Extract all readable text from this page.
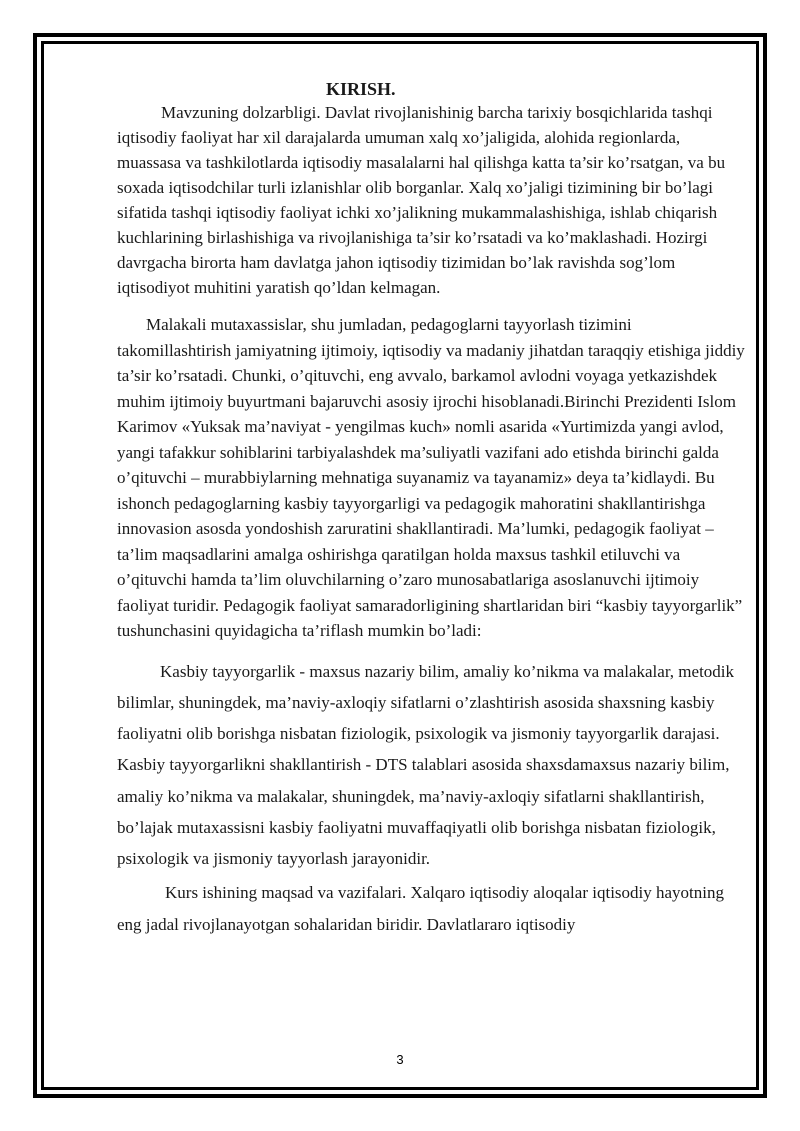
KIRISH.

Mavzuning dolzarbligi. Davlat rivojlanishinig barcha tarixiy bosqichlarida tashqi iqtisodiy faoliyat har xil darajalarda umuman xalq xo’jaligida, alohida regionlarda, muassasa va tashkilotlarda iqtisodiy masalalarni hal qilishga katta ta’sir ko’rsatgan, va bu soxada iqtisodchilar turli izlanishlar olib borganlar. Xalq xo’jaligi tizimining bir bo’lagi sifatida tashqi iqtisodiy faoliyat ichki xo’jalikning mukammalashishiga, ishlab chiqarish kuchlarining birlashishiga va rivojlanishiga ta’sir ko’rsatadi va ko’maklashadi. Hozirgi davrgacha birorta ham davlatga jahon iqtisodiy tizimidan bo’lak ravishda sog’lom iqtisodiyot muhitini yaratish qo’ldan kelmagan.

Malakali mutaxassislar, shu jumladan, pedagoglarni tayyorlash tizimini takomillashtirish jamiyatning ijtimoiy, iqtisodiy va madaniy jihatdan taraqqiy etishiga jiddiy ta’sir ko’rsatadi. Chunki, o’qituvchi, eng avvalo, barkamol avlodni voyaga yetkazishdek muhim ijtimoiy buyurtmani bajaruvchi asosiy ijrochi hisoblanadi.Birinchi Prezidenti Islom Karimov «Yuksak ma’naviyat - yengilmas kuch» nomli asarida «Yurtimizda yangi avlod, yangi tafakkur sohiblarini tarbiyalashdek ma’suliyatli vazifani ado etishda birinchi galda o’qituvchi – murabbiylarning mehnatiga suyanamiz va tayanamiz» deya ta’kidlaydi. Bu ishonch pedagoglarning kasbiy tayyorgarligi va pedagogik mahoratini shakllantirishga innovasion asosda yondoshish zaruratini shakllantiradi. Ma’lumki, pedagogik faoliyat – ta’lim maqsadlarini amalga oshirishga qaratilgan holda maxsus tashkil etiluvchi va o’qituvchi hamda ta’lim oluvchilarning o’zaro munosabatlariga asoslanuvchi ijtimoiy faoliyat turidir. Pedagogik faoliyat samaradorligining shartlaridan biri “kasbiy tayyorgarlik” tushunchasini quyidagicha ta’riflash mumkin bo’ladi:

Kasbiy tayyorgarlik - maxsus nazariy bilim, amaliy ko’nikma va malakalar, metodik bilimlar, shuningdek, ma’naviy-axloqiy sifatlarni o’zlashtirish asosida shaxsning kasbiy faoliyatni olib borishga nisbatan fiziologik, psixologik va jismoniy tayyorgarlik darajasi. Kasbiy tayyorgarlikni shakllantirish - DTS talablari asosida shaxsdamaxsus nazariy bilim, amaliy ko’nikma va malakalar, shuningdek, ma’naviy-axloqiy sifatlarni shakllantirish, bo’lajak mutaxassisni kasbiy faoliyatni muvaffaqiyatli olib borishga nisbatan fiziologik, psixologik va jismoniy tayyorlash jarayonidir.

Kurs ishining maqsad va vazifalari. Xalqaro iqtisodiy aloqalar iqtisodiy hayotning eng jadal rivojlanayotgan sohalaridan biridir. Davlatlararo iqtisodiy

3
